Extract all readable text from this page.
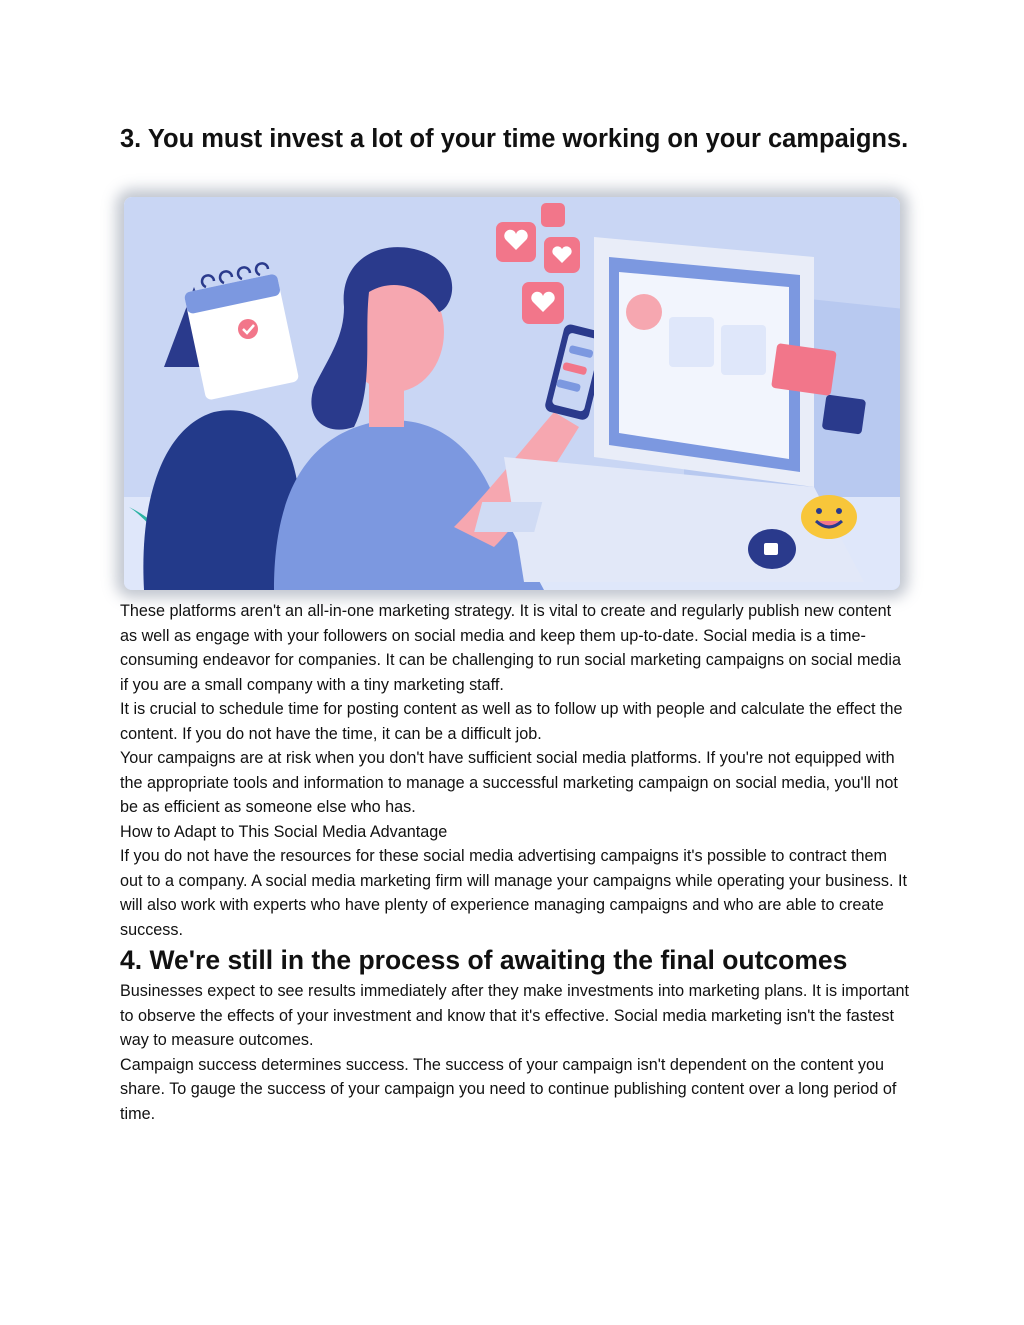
3. You must invest a lot of your time working on your campaigns.

These platforms aren't an all-in-one marketing strategy. It is vital to create and regularly publish new content as well as engage with your followers on social media and keep them up-to-date. Social media is a time-consuming endeavor for companies. It can be challenging to run social marketing campaigns on social media if you are a small company with a tiny marketing staff.

It is crucial to schedule time for posting content as well as to follow up with people and calculate the effect the content. If you do not have the time, it can be a difficult job.

Your campaigns are at risk when you don't have sufficient social media platforms. If you're not equipped with the appropriate tools and information to manage a successful marketing campaign on social media, you'll not be as efficient as someone else who has.

How to Adapt to This Social Media Advantage

If you do not have the resources for these social media advertising campaigns it's possible to contract them out to a company. A social media marketing firm will manage your campaigns while operating your business. It will also work with experts who have plenty of experience managing campaigns and who are able to create success.

4. We're still in the process of awaiting the final outcomes

Businesses expect to see results immediately after they make investments into marketing plans. It is important to observe the effects of your investment and know that it's effective. Social media marketing isn't the fastest way to measure outcomes.

Campaign success determines success. The success of your campaign isn't dependent on the content you share. To gauge the success of your campaign you need to continue publishing content over a long period of time.
